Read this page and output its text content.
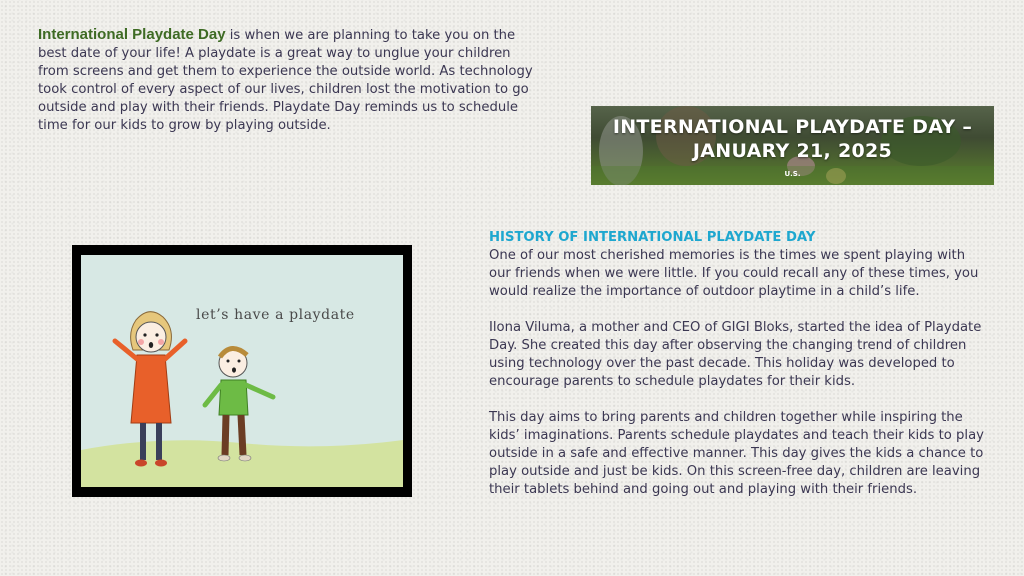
International Playdate Day is when we are planning to take you on the best date of your life! A playdate is a great way to unglue your children from screens and get them to experience the outside world. As technology took control of every aspect of our lives, children lost the motivation to go outside and play with their friends. Playdate Day reminds us to schedule time for our kids to grow by playing outside.	INTERNATIONAL PLAYDATE DAY –
JANUARY 21, 2025
U.S.
let’s have a playdate
HISTORY OF INTERNATIONAL PLAYDATE DAY

One of our most cherished memories is the times we spent playing with our friends when we were little. If you could recall any of these times, you would realize the importance of outdoor playtime in a child’s life.

Ilona Viluma, a mother and CEO of GIGI Bloks, started the idea of Playdate Day. She created this day after observing the changing trend of children using technology over the past decade. This holiday was developed to encourage parents to schedule playdates for their kids.

This day aims to bring parents and children together while inspiring the kids’ imaginations. Parents schedule playdates and teach their kids to play outside in a safe and effective manner. This day gives the kids a chance to play outside and just be kids. On this screen-free day, children are leaving their tablets behind and going out and playing with their friends.
